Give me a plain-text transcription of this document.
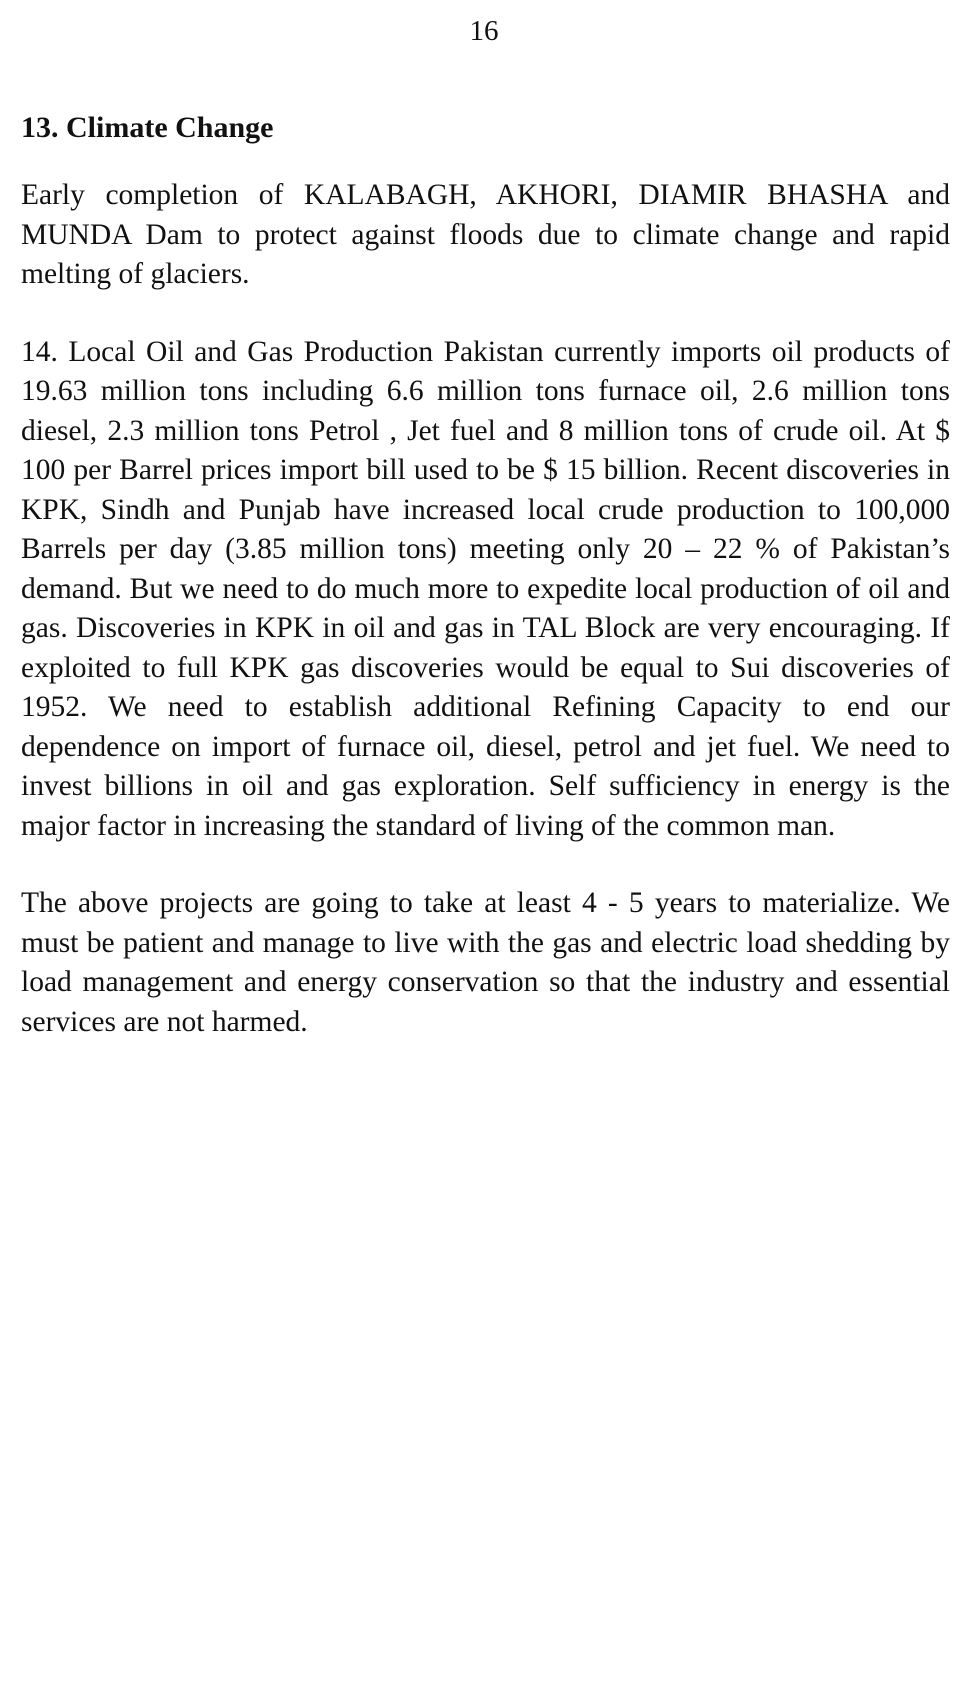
16
13. Climate Change

Early completion of KALABAGH, AKHORI, DIAMIR BHASHA and MUNDA Dam to protect against floods due to climate change and rapid melting of glaciers.

14. Local Oil and Gas Production Pakistan currently imports oil products of 19.63 million tons including 6.6 million tons furnace oil, 2.6 million tons diesel, 2.3 million tons Petrol , Jet fuel and 8 million tons of crude oil. At $ 100 per Barrel prices import bill used to be $ 15 billion. Recent discoveries in KPK, Sindh and Punjab have increased local crude production to 100,000 Barrels per day (3.85 million tons) meeting only 20 – 22 % of Pakistan’s demand. But we need to do much more to expedite local production of oil and gas. Discoveries in KPK in oil and gas in TAL Block are very encouraging. If exploited to full KPK gas discoveries would be equal to Sui discoveries of 1952. We need to establish additional Refining Capacity to end our dependence on import of furnace oil, diesel, petrol and jet fuel. We need to invest billions in oil and gas exploration. Self sufficiency in energy is the major factor in increasing the standard of living of the common man.

The above projects are going to take at least 4 - 5 years to materialize. We must be patient and manage to live with the gas and electric load shedding by load management and energy conservation so that the industry and essential services are not harmed.
